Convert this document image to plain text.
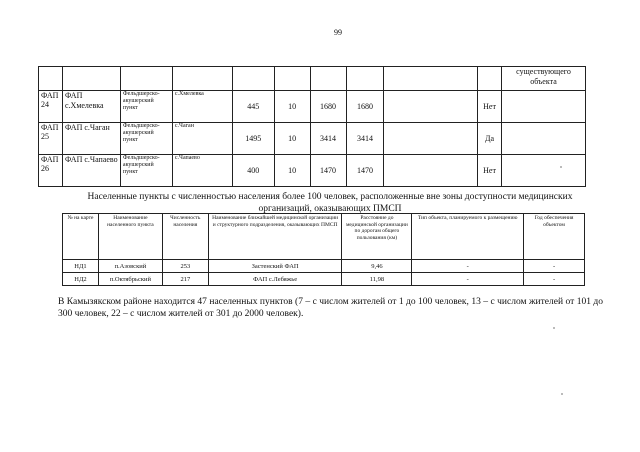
99
										существующего объекта
ФАП 24	ФАП с.Хмелевка	Фельдшерско-акушерский пункт	с.Хмелевка	445	10	1680	1680		Нет	
ФАП 25	ФАП с.Чаган	Фельдшерско-акушерский пункт	с.Чаган	1495	10	3414	3414		Да	
ФАП 26	ФАП с.Чапаево	Фельдшерско-акушерский пункт	с.Чапаево	400	10	1470	1470		Нет	
Населенные пункты с численностью населения более 100 человек, расположенные вне зоны доступности медицинских организаций, оказывающих ПМСП
№ на карте	Наименование населенного пункта	Численность населения	Наименование ближайшей медицинской организации и структурного подразделения, оказывающих ПМСП	Расстояние до медицинской организации по дорогам общего пользования (км)	Тип объекта, планируемого к размещению	Год обеспечения объектом
НД1	п.Азовский	253	Застенский ФАП	9,46	-	-
НД2	п.Октябрьский	217	ФАП с.Лебяжье	11,98	-	-
В Камызякском районе находится 47 населенных пунктов (7 – с числом жителей от 1 до 100 человек, 13 – с числом жителей от 101 до 300 человек, 22 – с числом жителей от 301 до 2000 человек).
